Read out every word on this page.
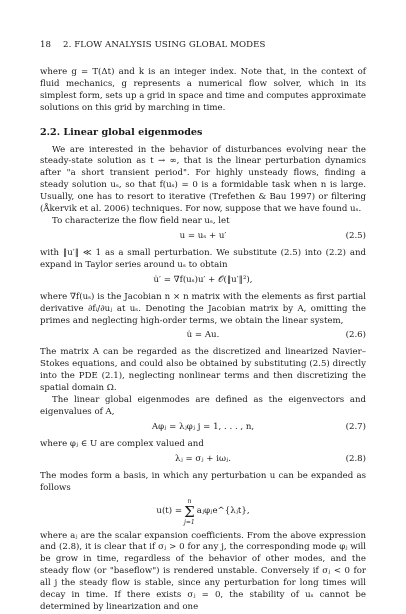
18 2. FLOW ANALYSIS USING GLOBAL MODES

where g = T(Δt) and k is an integer index. Note that, in the context of fluid mechanics, g represents a numerical flow solver, which in its simplest form, sets up a grid in space and time and computes approximate solutions on this grid by marching in time.

2.2. Linear global eigenmodes

We are interested in the behavior of disturbances evolving near the steady-state solution as t → ∞, that is the linear perturbation dynamics after "a short transient period". For highly unsteady flows, finding a steady solution uₛ, so that f(uₛ) = 0 is a formidable task when n is large. Usually, one has to resort to iterative (Trefethen & Bau 1997) or filtering (Åkervik et al. 2006) techniques. For now, suppose that we have found uₛ.

To characterize the flow field near uₛ, let

u = uₛ + u′	(2.5)

with ‖u′‖ ≪ 1 as a small perturbation. We substitute (2.5) into (2.2) and expand in Taylor series around uₛ to obtain

u̇′ = ∇f(uₛ)u′ + 𝒪(‖u′‖²),

where ∇f(uₛ) is the Jacobian n × n matrix with the elements as first partial derivative ∂fᵢ/∂uⱼ at uₛ. Denoting the Jacobian matrix by A, omitting the primes and neglecting high-order terms, we obtain the linear system,

u̇ = Au.	(2.6)

The matrix A can be regarded as the discretized and linearized Navier–Stokes equations, and could also be obtained by substituting (2.5) directly into the PDE (2.1), neglecting nonlinear terms and then discretizing the spatial domain Ω.

The linear global eigenmodes are defined as the eigenvectors and eigenvalues of A,

Aφⱼ = λⱼφⱼ j = 1, . . . , n,	(2.7)

where φⱼ ∈ U are complex valued and

λⱼ = σⱼ + iωⱼ.	(2.8)

The modes form a basis, in which any perturbation u can be expanded as follows

u(t) =
n
Σ
j=1
aⱼφⱼe^{λⱼt},

where aⱼ are the scalar expansion coefficients. From the above expression and (2.8), it is clear that if σⱼ > 0 for any j, the corresponding mode φⱼ will be grow in time, regardless of the behavior of other modes, and the steady flow (or "baseflow") is rendered unstable. Conversely if σⱼ < 0 for all j the steady flow is stable, since any perturbation for long times will decay in time. If there exists σⱼ = 0, the stability of uₛ cannot be determined by linearization and one
